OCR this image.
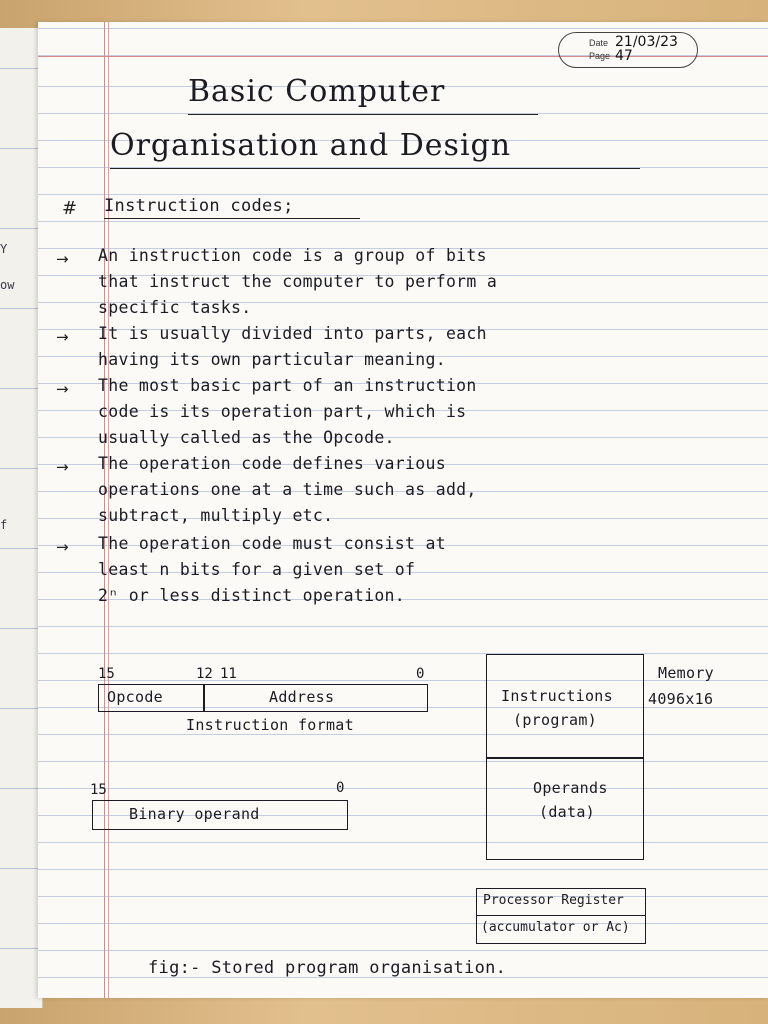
Y
ow
f
Date 21/03/23
Page 47
Basic Computer
Organisation and Design
# Instruction codes;
→ An instruction code is a group of bits
that instruct the computer to perform a
specific tasks.
→ It is usually divided into parts, each
having its own particular meaning.
→ The most basic part of an instruction
code is its operation part, which is
usually called as the Opcode.
→ The operation code defines various
operations one at a time such as add,
subtract, multiply etc.
→ The operation code must consist at
least n bits for a given set of
2ⁿ or less distinct operation.
15	12 11	0
Opcode	Address
Instruction format
15	0
Binary operand
Instructions
(program)
Operands
(data)
Memory
4096x16
Processor Register
(accumulator or Ac)
fig:- Stored program organisation.
